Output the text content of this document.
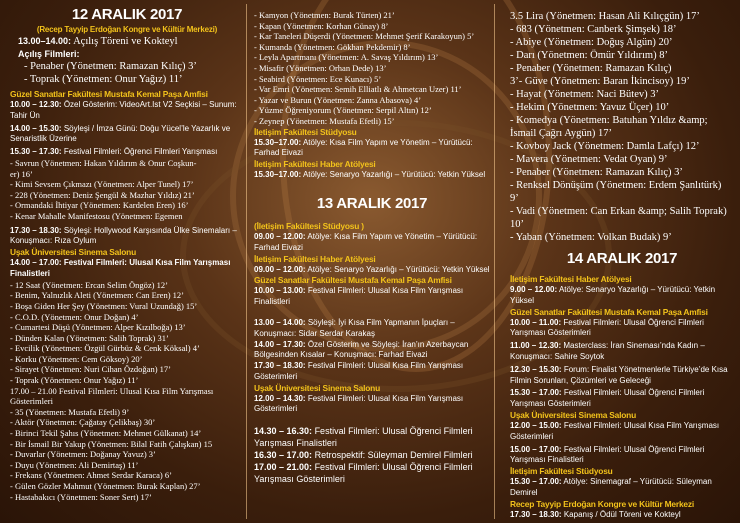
12 ARALIK 2017
(Recep Tayyip Erdoğan Kongre ve Kültür Merkezi)
13.00–14.00: Açılış Töreni ve Kokteyl
Açılış Filmleri:
- Penaber (Yönetmen: Ramazan Kılıç) 3’
- Toprak (Yönetmen: Onur Yağız) 11’
Güzel Sanatlar Fakültesi Mustafa Kemal Paşa Amfisi
10.00 – 12.30: Özel Gösterim: VideoArt.Ist V2 Seçkisi – Sunum: Tahir Ün
14.00 – 15.30: Söyleşi / İmza Günü: Doğu Yücel’le Yazarlık ve Senaristlik Üzerine
15.30 – 17.30: Festival Filmleri: Öğrenci Filmleri Yarışması
- Savrun (Yönetmen: Hakan Yıldırım & Onur Coşkun-
er) 16’
- Kimi Sevsem Çıkmazı (Yönetmen: Alper Tunel) 17’
- 228 (Yönetmen: Deniz Şengül & Mazhar Yıldız) 21’
- Ormandaki İhtiyar (Yönetmen: Kardelen Eren) 16’
- Kenar Mahalle Manifestosu (Yönetmen: Egemen
17.30 – 18.30: Söyleşi: Hollywood Karşısında Ülke Sinemaları – Konuşmacı: Rıza Oylum
Uşak Üniversitesi Sinema Salonu
14.00 – 17.00: Festival Filmleri: Ulusal Kısa Film Yarışması Finalistleri
- 12 Saat (Yönetmen: Ercan Selim Öngöz) 12’
- Benim, Yalnızlık Aleti (Yönetmen: Can Eren) 12’
- Boşa Giden Her Şey (Yönetmen: Vural Uzundağ) 15’
- C.O.D. (Yönetmen: Onur Doğan) 4’
- Cumartesi Düşü (Yönetmen: Alper Kızılboğa) 13’
- Dünden Kalan (Yönetmen: Salih Toprak) 31’
- Evcilik (Yönetmen: Özgül Gürbüz & Cenk Köksal) 4’
- Korku (Yönetmen: Cem Göksoy) 20’
- Sirayet (Yönetmen: Nuri Cihan Özdoğan) 17’
- Toprak (Yönetmen: Onur Yağız) 11’
17.00 – 21.00 Festival Filmleri: Ulusal Kısa Film Yarışması Gösterimleri
- 35 (Yönetmen: Mustafa Efetli) 9’
- Aktör (Yönetmen: Çağatay Çelikbaş) 30’
- Birinci Tekil Şahıs (Yönetmen: Mehmet Gülkanat) 14’
- Bir İsmail Bir Yakup (Yönetmen: Bilal Fatih Çalışkan) 15
- Duvarlar (Yönetmen: Doğanay Yavuz) 3’
- Duyu (Yönetmen: Ali Demirtaş) 11’
- Frekans (Yönetmen: Ahmet Serdar Karaca) 6’
- Gülen Gözler Mahmut (Yönetmen: Burak Kaplan) 27’
- Hastabakıcı (Yönetmen: Soner Sert) 17’
- Kamyon (Yönetmen: Burak Türten) 21’
- Kapan (Yönetmen: Korhan Günay) 8’
- Kar Taneleri Düşerdi (Yönetmen: Mehmet Şerif Karakoyun) 5’
- Kumanda (Yönetmen: Gökhan Pekdemir) 8’
- Leyla Apartmanı (Yönetmen: A. Savaş Yıldırım) 13’
- Misafir (Yönetmen: Orhan Dede) 13’
- Seabird (Yönetmen: Ece Kunacı) 5’
- Var Emri (Yönetmen: Semih Elliatlı & Ahmetcan Uzer) 11’
- Yazar ve Burun (Yönetmen: Zanna Abasova) 4’
- Yüzme Öğreniyorum (Yönetmen: Serpil Altın) 12’
- Zeynep (Yönetmen: Mustafa Efetli) 15’
İletişim Fakültesi Stüdyosu
15.30–17.00: Atölye: Kısa Film Yapım ve Yönetim – Yürütücü: Farhad Eivazi
İletişim Fakültesi Haber Atölyesi
15.30–17.00: Atölye: Senaryo Yazarlığı – Yürütücü: Yetkin Yüksel
13 ARALIK 2017
(İletişim Fakültesi Stüdyosu )
09.00 – 12.00: Atölye: Kısa Film Yapım ve Yönetim – Yürütücü: Farhad Eivazi
İletişim Fakültesi Haber Atölyesi
09.00 – 12.00: Atölye: Senaryo Yazarlığı – Yürütücü: Yetkin Yüksel
Güzel Sanatlar Fakültesi Mustafa Kemal Paşa Amfisi
10.00 – 13.00: Festival Filmleri: Ulusal Kısa Film Yarışması Finalistleri
13.00 – 14.00: Söyleşi: İyi Kısa Film Yapmanın İpuçları – Konuşmacı: Sidar Serdar Karakaş
14.00 – 17.30: Özel Gösterim ve Söyleşi: İran’ın Azerbaycan Bölgesinden Kısalar – Konuşmacı: Farhad Eivazi
17.30 – 18.30: Festival Filmleri: Ulusal Kısa Film Yarışması Gösterimleri
Uşak Üniversitesi Sinema Salonu
12.00 – 14.30: Festival Filmleri: Ulusal Kısa Film Yarışması Gösterimleri
14.30 – 16.30: Festival Filmleri: Ulusal Öğrenci Filmleri Yarışması Finalistleri
16.30 – 17.00: Retrospektif: Süleyman Demirel Filmleri
17.00 – 21.00: Festival Filmleri: Ulusal Öğrenci Filmleri Yarışması Gösterimleri
3.5 Lira (Yönetmen: Hasan Ali Kılıçgün) 17’
- 683 (Yönetmen: Canberk Şimşek) 18’
- Abiye (Yönetmen: Doğuş Algün) 20’
- Darı (Yönetmen: Ömür Yıldırım) 8’
- Penaber (Yönetmen: Ramazan Kılıç)
3’- Güve (Yönetmen: Baran İkincisoy) 19’
- Hayat (Yönetmen: Naci Bütev) 3’
- Hekim (Yönetmen: Yavuz Üçer) 10’
- Komedya (Yönetmen: Batuhan Yıldız &amp;
İsmail Çağrı Aygün) 17’
- Kovboy Jack (Yönetmen: Damla Lafçı) 12’
- Mavera (Yönetmen: Vedat Oyan) 9’
- Penaber (Yönetmen: Ramazan Kılıç) 3’
- Renksel Dönüşüm (Yönetmen: Erdem Şanlıtürk)
9’
- Vadi (Yönetmen: Can Erkan &amp; Salih Toprak)
10’
- Yaban (Yönetmen: Volkan Budak) 9’
14 ARALIK 2017
İletişim Fakültesi Haber Atölyesi
9.00 – 12.00: Atölye: Senaryo Yazarlığı – Yürütücü: Yetkin Yüksel
Güzel Sanatlar Fakültesi Mustafa Kemal Paşa Amfisi
10.00 – 11.00: Festival Filmleri: Ulusal Öğrenci Filmleri Yarışması Gösterimleri
11.00 – 12.30: Masterclass: İran Sineması’nda Kadın – Konuşmacı: Sahire Soytok
12.30 – 15.30: Forum: Finalist Yönetmenlerle Türkiye’de Kısa Filmin Sorunları, Çözümleri ve Geleceği
15.30 – 17.00: Festival Filmleri: Ulusal Öğrenci Filmleri Yarışması Gösterimleri
Uşak Üniversitesi Sinema Salonu
12.00 – 15.00: Festival Filmleri: Ulusal Kısa Film Yarışması Gösterimleri
15.00 – 17.00: Festival Filmleri: Ulusal Öğrenci Filmleri Yarışması Finalistleri
İletişim Fakültesi Stüdyosu
15.30 – 17.00: Atölye: Sinemagraf – Yürütücü: Süleyman Demirel
Recep Tayyip Erdoğan Kongre ve Kültür Merkezi
17.30 – 18.30: Kapanış / Ödül Töreni ve Kokteyl
